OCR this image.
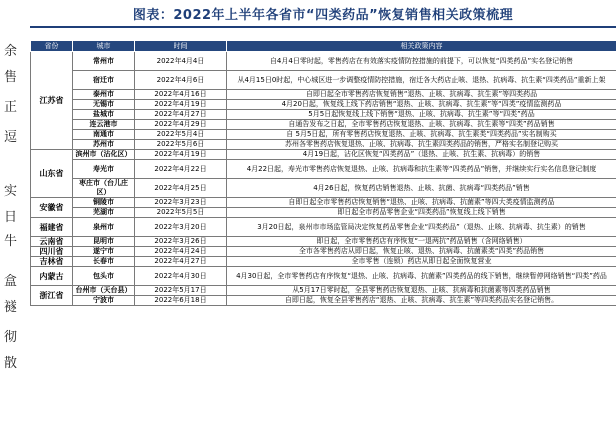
余
售
正
逗
实
日
牛
盒
襚
彻
散
图表：2022年上半年各省市“四类药品”恢复销售相关政策梳理
省份	城市	时间	相关政策内容
江苏省	常州市	2022年4月4日	自4月4日零时起，零售药店在有效落实疫情防控措施的前提下，可以恢复“四类药品”实名登记销售
	宿迁市	2022年4月6日	从4月15日0时起，中心城区进一步调整疫情防控措施，宿迁各大药店止咳、退热、抗病毒、抗生素“四类药品”重新上架
	泰州市	2022年4月16日	自即日起全市零售药店恢复销售“退热、止咳、抗病毒、抗生素”等四类药品
	无锡市	2022年4月19日	4月20日起，恢复线上线下药店销售“退热、止咳、抗病毒、抗生素”等“四类”疫情监测药品
	盐城市	2022年4月27日	5月5日起恢复线上线下销售“退热、止咳、抗病毒、抗生素”等“四类”药品
	连云港市	2022年4月29日	自通告发布之日起，全市零售药店恢复退热、止咳、抗病毒、抗生素等“四类”药品销售
	南通市	2022年5月4日	自 5月5日起，所有零售药店恢复退热、止咳、抗病毒、抗生素类“四类药品”实名制购买
	苏州市	2022年5月6日	苏州各零售药店恢复退热、止咳、抗病毒、抗生素四类药品的销售，严格实名制登记购买
山东省	滨州市（沾化区）	2022年4月19日	4月19日起，沾化区恢复“四类药品”（退热、止咳、抗生素、抗病毒）的销售
	寿光市	2022年4月22日	4月22日起，寿光市零售药店恢复退热、止咳、抗病毒和抗生素等“四类药品”销售，并继续实行实名信息登记制度
	枣庄市（台儿庄区）	2022年4月25日	4月26日起，恢复药店销售退热、止咳、抗菌、抗病毒“四类药品”销售
安徽省	铜陵市	2022年3月23日	自即日起全市零售药店恢复销售“退热、止咳、抗病毒、抗菌素”等四大类疫情监测药品
	芜湖市	2022年5月5日	即日起全市药品零售企业“四类药品”恢复线上线下销售
福建省	泉州市	2022年3月20日	3月20日起，泉州市市场监管局决定恢复药品零售企业“四类药品”（退热、止咳、抗病毒、抗生素）的销售
云南省	昆明市	2022年3月26日	即日起，全市零售药店有序恢复“一退两抗”药品销售（含网络销售）
四川省	遂宁市	2022年4月24日	全市各零售药店从即日起，恢复止咳、退热、抗病毒、抗菌素类“四类”药品销售
吉林省	长春市	2022年4月27日	全市零售（连锁）药店从即日起全面恢复营业
内蒙古	包头市	2022年4月30日	4月30日起，全市零售药店有序恢复“退热、止咳、抗病毒、抗菌素”四类药品的线下销售，继续暂停网络销售“四类”药品
浙江省	台州市（天台县）	2022年5月17日	从5月17日零时起，全县零售药店恢复退热、止咳、抗病毒和抗菌素等四类药品销售
	宁波市	2022年6月18日	自即日起，恢复全县零售药店“退热、止咳、抗病毒、抗生素”等四类药品实名登记销售。
